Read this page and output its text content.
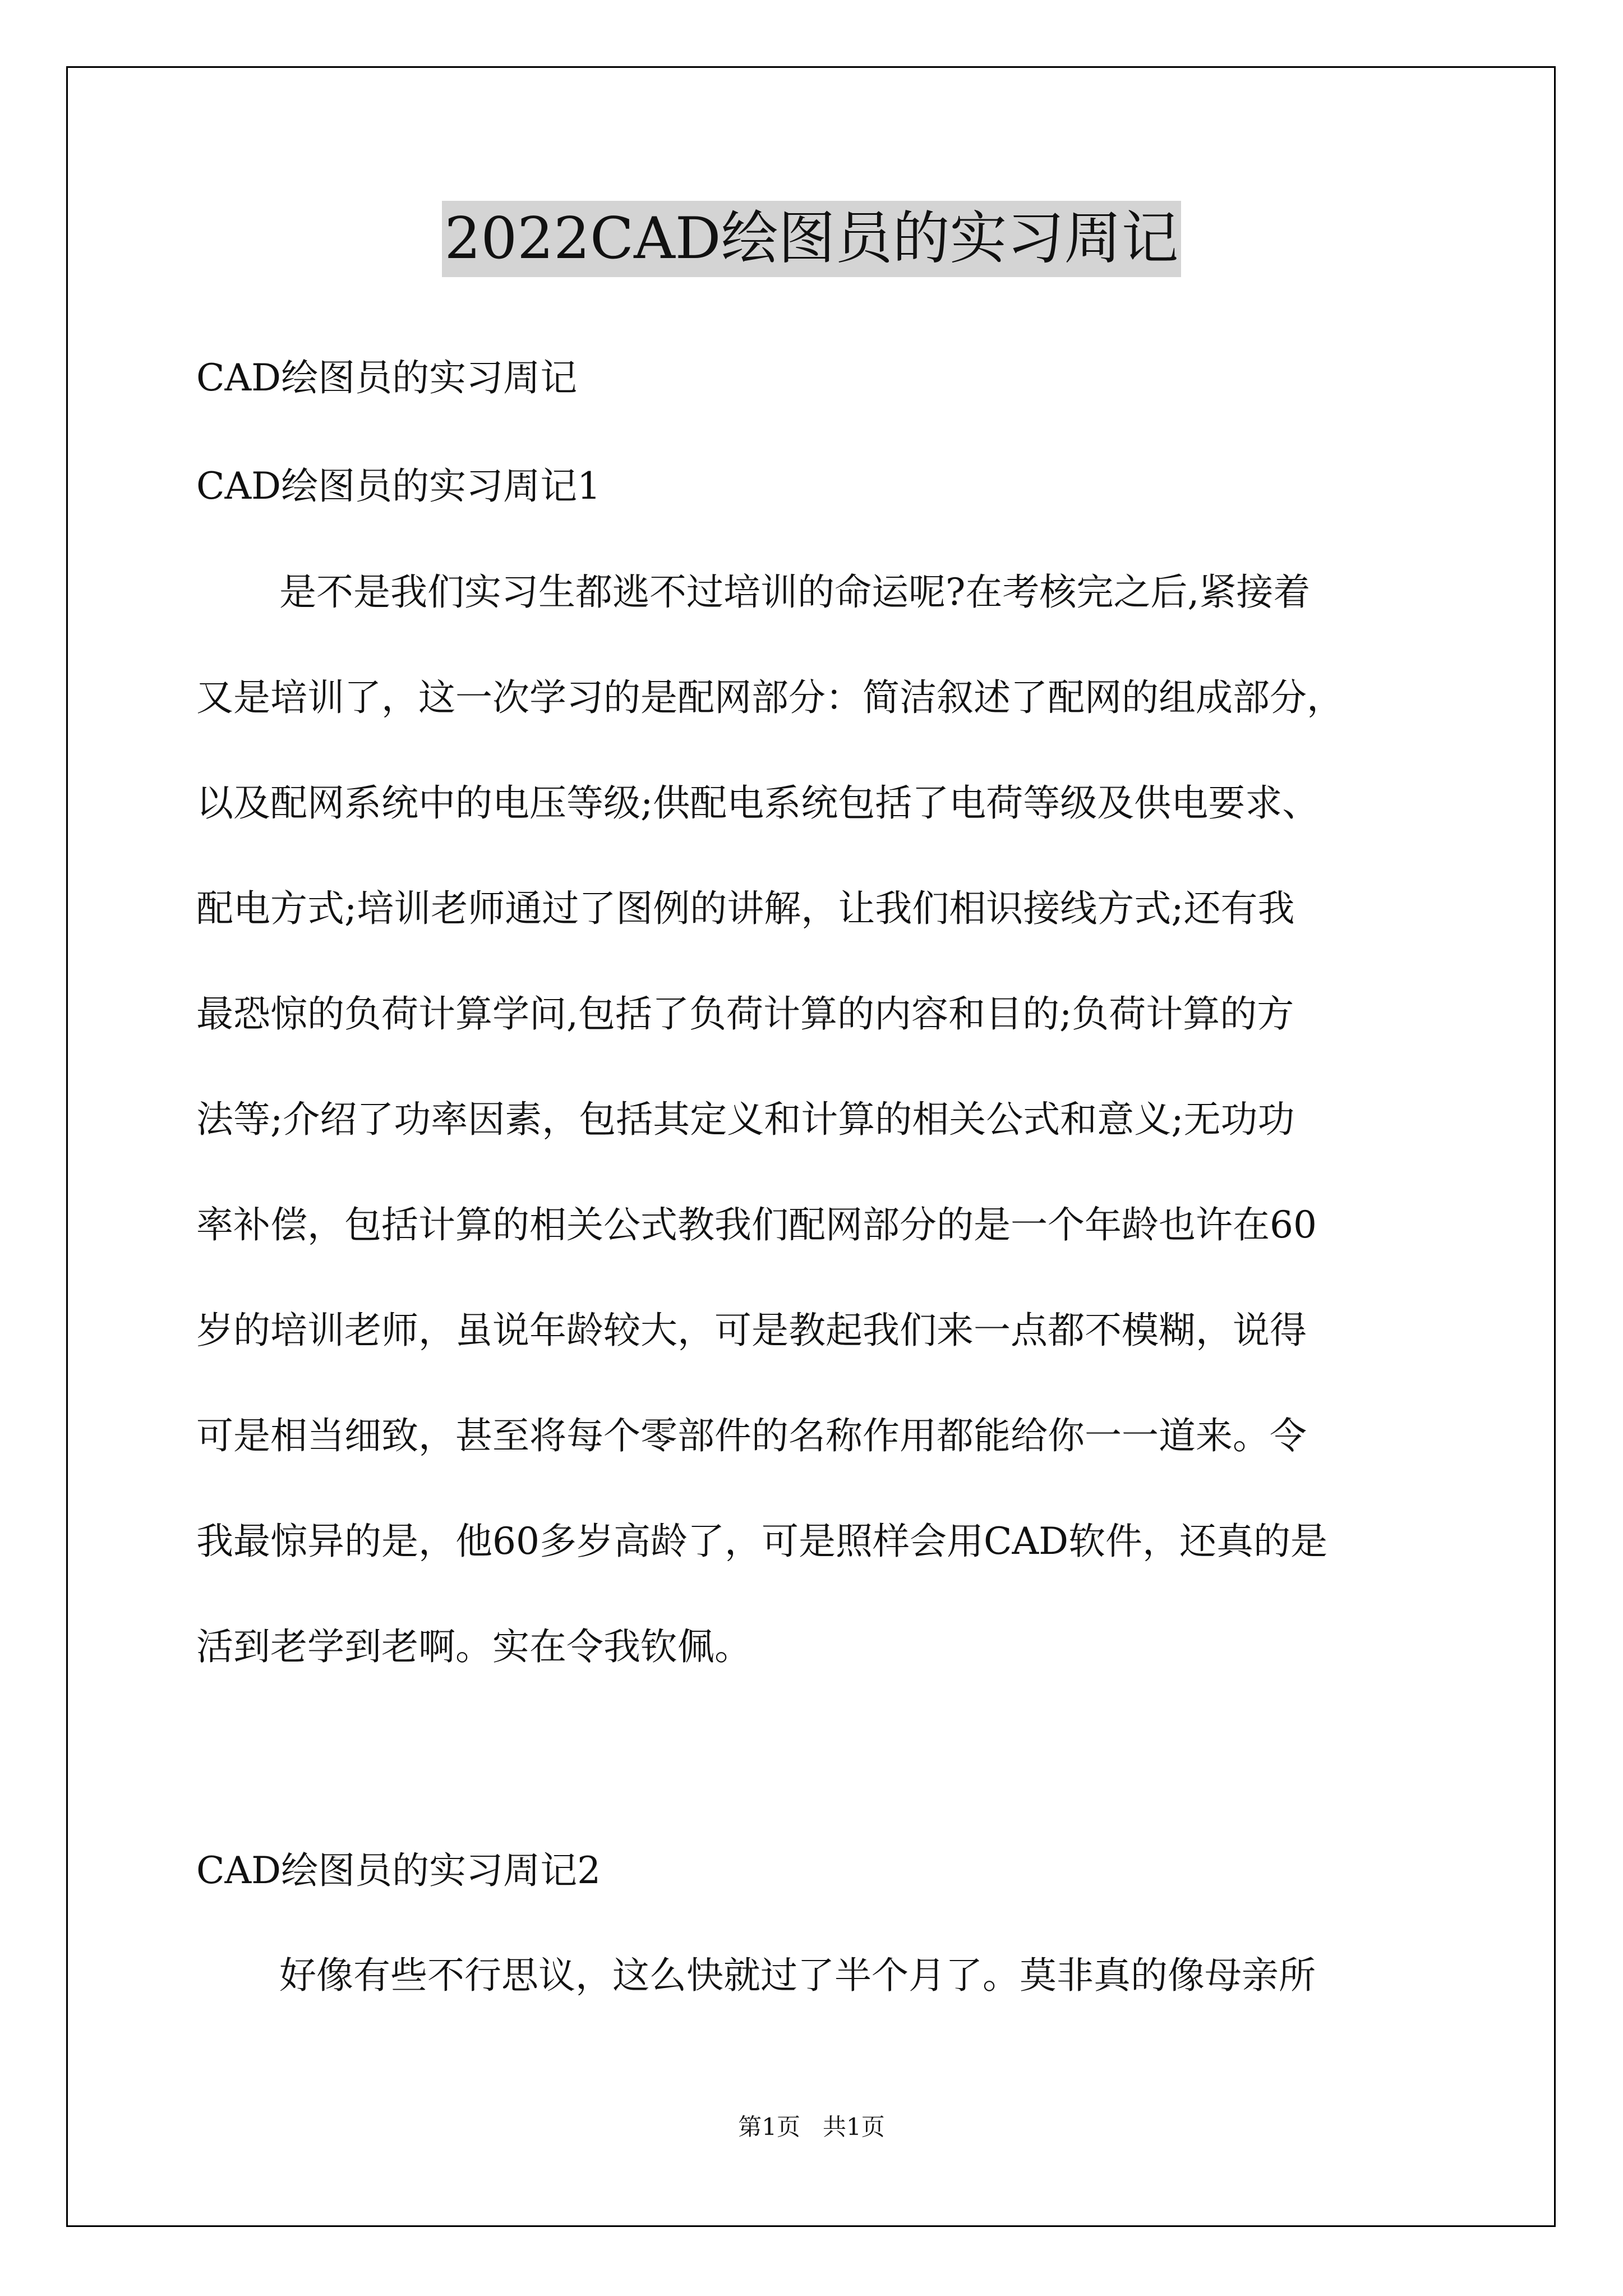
2022CAD绘图员的实习周记
CAD绘图员的实习周记
CAD绘图员的实习周记1
是不是我们实习生都逃不过培训的命运呢?在考核完之后,紧接着
又是培训了，这一次学习的是配网部分：简洁叙述了配网的组成部分，
以及配网系统中的电压等级;供配电系统包括了电荷等级及供电要求、
配电方式;培训老师通过了图例的讲解，让我们相识接线方式;还有我
最恐惊的负荷计算学问,包括了负荷计算的内容和目的;负荷计算的方
法等;介绍了功率因素，包括其定义和计算的相关公式和意义;无功功
率补偿，包括计算的相关公式教我们配网部分的是一个年龄也许在60
岁的培训老师，虽说年龄较大，可是教起我们来一点都不模糊，说得
可是相当细致，甚至将每个零部件的名称作用都能给你一一道来。令
我最惊异的是，他60多岁高龄了，可是照样会用CAD软件，还真的是
活到老学到老啊。实在令我钦佩。
CAD绘图员的实习周记2
好像有些不行思议，这么快就过了半个月了。莫非真的像母亲所
第1页   共1页
